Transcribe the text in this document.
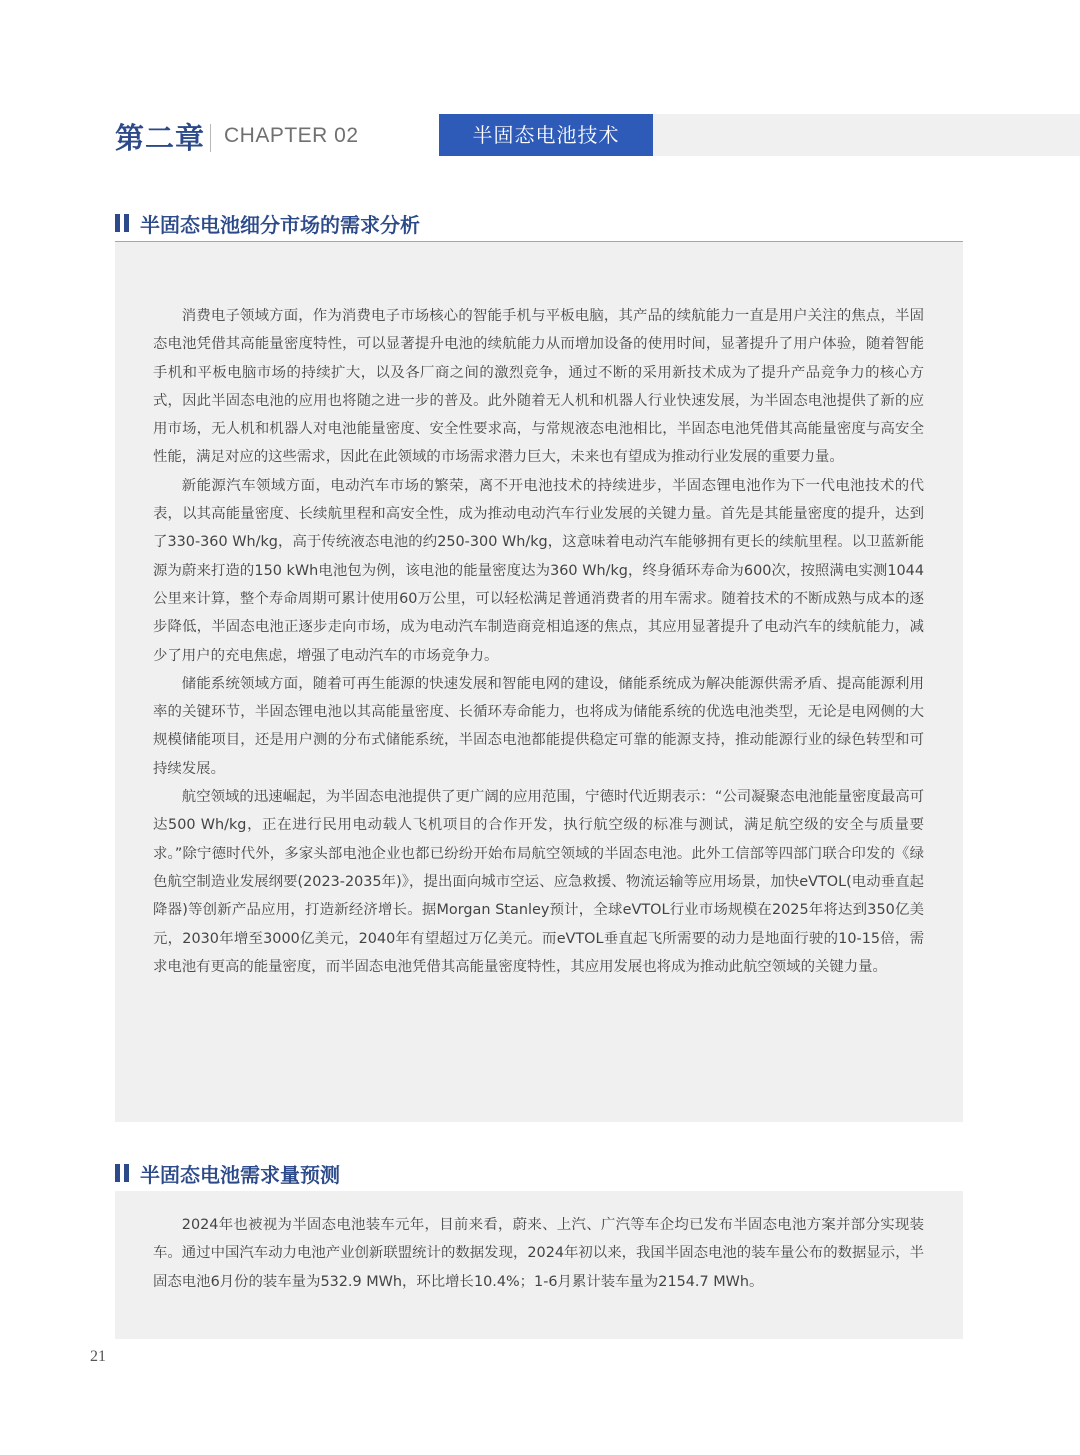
第二章 CHAPTER 02	半固态电池技术
半固态电池细分市场的需求分析

消费电子领域方面，作为消费电子市场核心的智能手机与平板电脑，其产品的续航能力一直是用户关注的焦点，半固态电池凭借其高能量密度特性，可以显著提升电池的续航能力从而增加设备的使用时间，显著提升了用户体验，随着智能手机和平板电脑市场的持续扩大，以及各厂商之间的激烈竞争，通过不断的采用新技术成为了提升产品竞争力的核心方式，因此半固态电池的应用也将随之进一步的普及。此外随着无人机和机器人行业快速发展，为半固态电池提供了新的应用市场，无人机和机器人对电池能量密度、安全性要求高，与常规液态电池相比，半固态电池凭借其高能量密度与高安全性能，满足对应的这些需求，因此在此领域的市场需求潜力巨大，未来也有望成为推动行业发展的重要力量。

新能源汽车领域方面，电动汽车市场的繁荣，离不开电池技术的持续进步，半固态锂电池作为下一代电池技术的代表，以其高能量密度、长续航里程和高安全性，成为推动电动汽车行业发展的关键力量。首先是其能量密度的提升，达到了330-360 Wh/kg，高于传统液态电池的约250-300 Wh/kg，这意味着电动汽车能够拥有更长的续航里程。以卫蓝新能源为蔚来打造的150 kWh电池包为例，该电池的能量密度达为360 Wh/kg，终身循环寿命为600次，按照满电实测1044公里来计算，整个寿命周期可累计使用60万公里，可以轻松满足普通消费者的用车需求。随着技术的不断成熟与成本的逐步降低，半固态电池正逐步走向市场，成为电动汽车制造商竞相追逐的焦点，其应用显著提升了电动汽车的续航能力，减少了用户的充电焦虑，增强了电动汽车的市场竞争力。

储能系统领域方面，随着可再生能源的快速发展和智能电网的建设，储能系统成为解决能源供需矛盾、提高能源利用率的关键环节，半固态锂电池以其高能量密度、长循环寿命能力，也将成为储能系统的优选电池类型，无论是电网侧的大规模储能项目，还是用户测的分布式储能系统，半固态电池都能提供稳定可靠的能源支持，推动能源行业的绿色转型和可持续发展。

航空领域的迅速崛起，为半固态电池提供了更广阔的应用范围，宁德时代近期表示：“公司凝聚态电池能量密度最高可达500 Wh/kg，正在进行民用电动载人飞机项目的合作开发，执行航空级的标准与测试，满足航空级的安全与质量要求。”除宁德时代外，多家头部电池企业也都已纷纷开始布局航空领域的半固态电池。此外工信部等四部门联合印发的《绿色航空制造业发展纲要(2023-2035年)》，提出面向城市空运、应急救援、物流运输等应用场景，加快eVTOL(电动垂直起降器)等创新产品应用，打造新经济增长。据Morgan Stanley预计，全球eVTOL行业市场规模在2025年将达到350亿美元，2030年增至3000亿美元，2040年有望超过万亿美元。而eVTOL垂直起飞所需要的动力是地面行驶的10-15倍，需求电池有更高的能量密度，而半固态电池凭借其高能量密度特性，其应用发展也将成为推动此航空领域的关键力量。

半固态电池需求量预测

2024年也被视为半固态电池装车元年，目前来看，蔚来、上汽、广汽等车企均已发布半固态电池方案并部分实现装车。通过中国汽车动力电池产业创新联盟统计的数据发现，2024年初以来，我国半固态电池的装车量公布的数据显示，半固态电池6月份的装车量为532.9 MWh，环比增长10.4%；1-6月累计装车量为2154.7 MWh。

21
